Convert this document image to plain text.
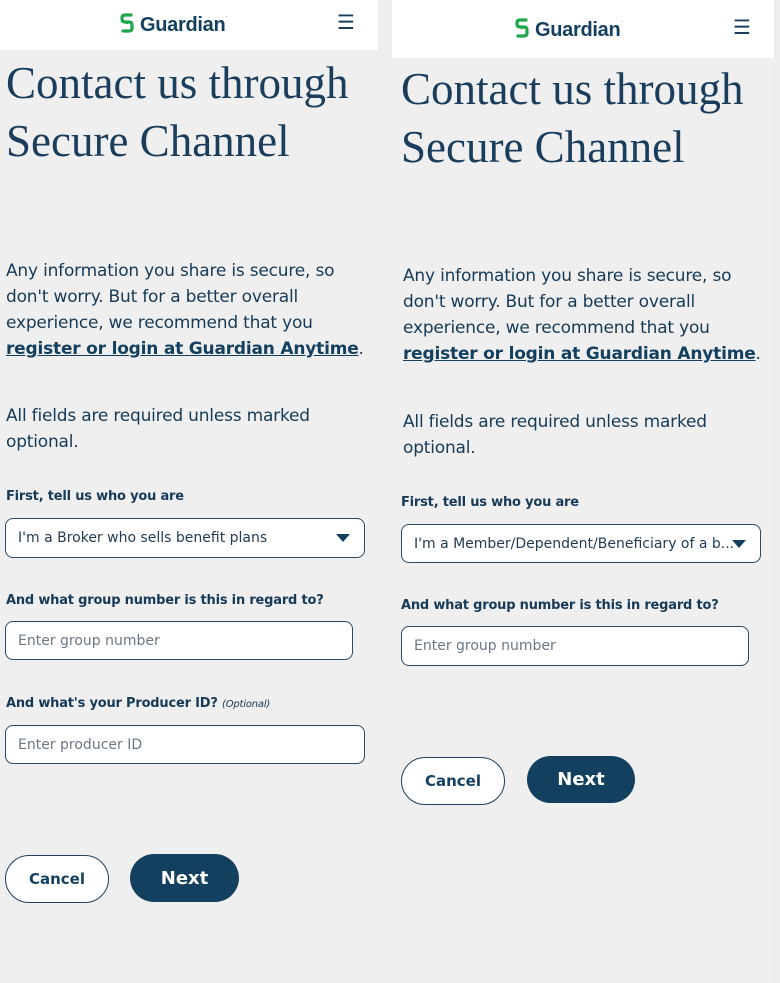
Guardian·	☰
Contact us through Secure Channel

Any information you share is secure, so don't worry. But for a better overall experience, we recommend that you register or login at Guardian Anytime.

All fields are required unless marked optional.

First, tell us who you are
I'm a Broker who sells benefit plans
And what group number is this in regard to?
Enter group number
And what's your Producer ID? (Optional)
Enter producer ID
Cancel	Next
Guardian·	☰
Contact us through Secure Channel

Any information you share is secure, so don't worry. But for a better overall experience, we recommend that you register or login at Guardian Anytime.

All fields are required unless marked optional.

First, tell us who you are
I'm a Member/Dependent/Beneficiary of a b...
And what group number is this in regard to?
Enter group number
Cancel	Next
